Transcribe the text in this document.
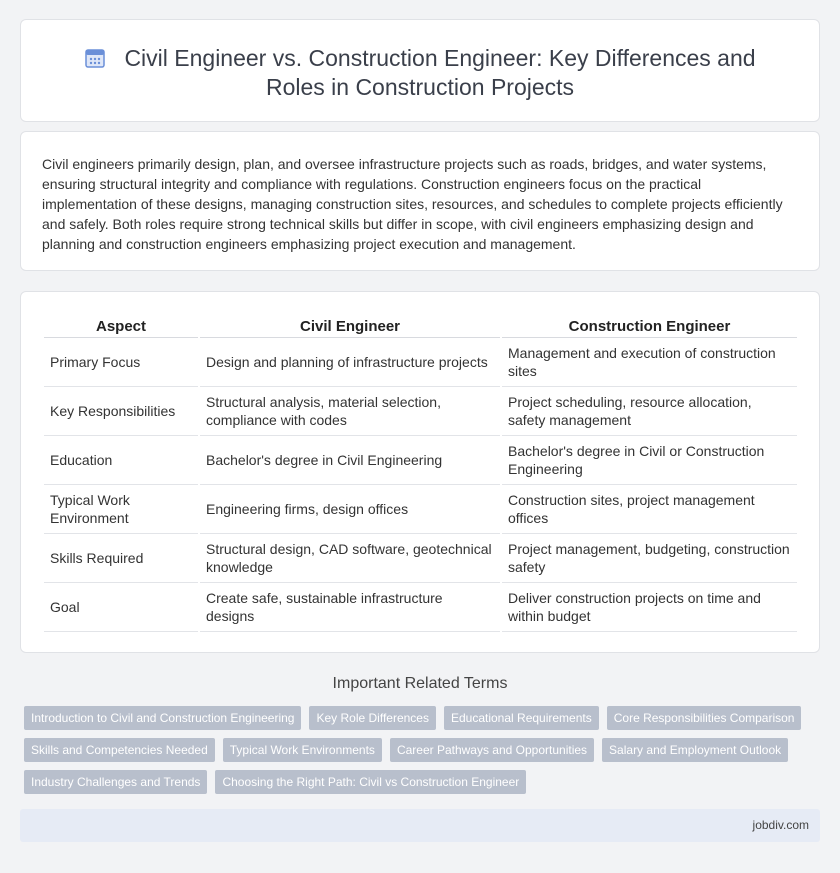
Civil Engineer vs. Construction Engineer: Key Differences and Roles in Construction Projects

Civil engineers primarily design, plan, and oversee infrastructure projects such as roads, bridges, and water systems, ensuring structural integrity and compliance with regulations. Construction engineers focus on the practical implementation of these designs, managing construction sites, resources, and schedules to complete projects efficiently and safely. Both roles require strong technical skills but differ in scope, with civil engineers emphasizing design and planning and construction engineers emphasizing project execution and management.

Aspect	Civil Engineer	Construction Engineer
Primary Focus	Design and planning of infrastructure projects	Management and execution of construction sites
Key Responsibilities	Structural analysis, material selection, compliance with codes	Project scheduling, resource allocation, safety management
Education	Bachelor's degree in Civil Engineering	Bachelor's degree in Civil or Construction Engineering
Typical Work Environment	Engineering firms, design offices	Construction sites, project management offices
Skills Required	Structural design, CAD software, geotechnical knowledge	Project management, budgeting, construction safety
Goal	Create safe, sustainable infrastructure designs	Deliver construction projects on time and within budget
Important Related Terms
Introduction to Civil and Construction Engineering	Key Role Differences	Educational Requirements	Core Responsibilities Comparison
Skills and Competencies Needed	Typical Work Environments	Career Pathways and Opportunities	Salary and Employment Outlook
Industry Challenges and Trends	Choosing the Right Path: Civil vs Construction Engineer
jobdiv.com
